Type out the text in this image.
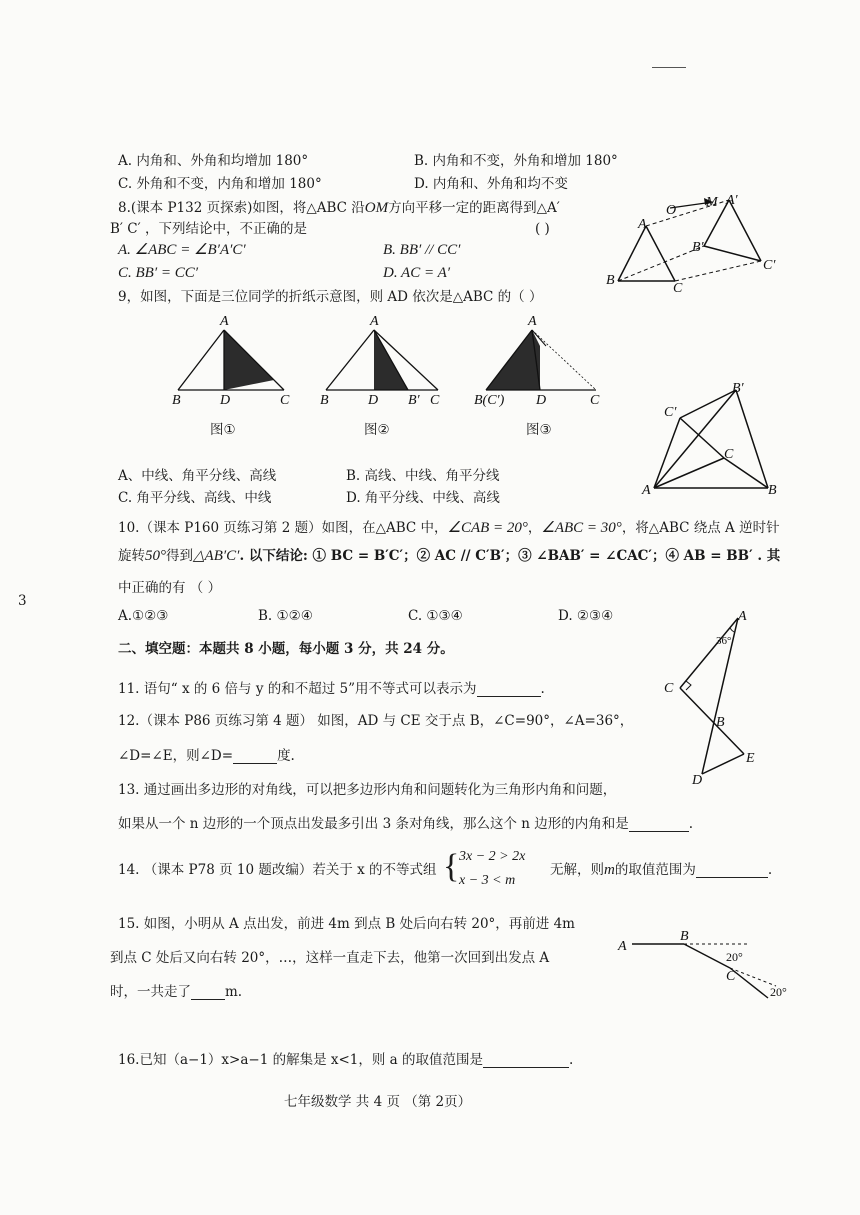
A. 内角和、外角和均增加 180°	B. 内角和不变，外角和增加 180°
C. 外角和不变，内角和增加 180°	D. 内角和、外角和均不变
8.(课本 P132 页探索)如图，将△ABC 沿OM方向平移一定的距离得到△A′
B′ C′ ，下列结论中，不正确的是	( )
A. ∠ABC = ∠B′A′C′	B. BB′ // CC′
C. BB′ = CC′	D. AC = A′
O
M A′
A
B′
C′
B
C
9，如图，下面是三位同学的折纸示意图，则 AD 依次是△ABC 的（ ）
A
B	D	C
A
B	D B′ C
A
B(C′) D	C
图①	图②	图③
A、中线、角平分线、高线	B. 高线、中线、角平分线
C. 角平分线、高线、中线	D. 角平分线、中线、高线	A	B
C
B′
C′
10.（课本 P160 页练习第 2 题）如图，在△ABC 中，∠CAB = 20°，∠ABC = 30°，将△ABC 绕点 A 逆时针
旋转50°得到△AB′C′. 以下结论: ① BC = B′C′；② AC // C′B′；③ ∠BAB′ = ∠CAC′；④ AB = BB′ . 其
中正确的有 （ ）
3
A.①②③	B. ①②④	C. ①③④	D. ②③④
二、填空题：本题共 8 小题，每小题 3 分，共 24 分。
A
36°
C
B
E
D
11. 语句“ x 的 6 倍与 y 的和不超过 5”用不等式可以表示为	.
12.（课本 P86 页练习第 4 题） 如图，AD 与 CE 交于点 B，∠C=90°，∠A=36°，
∠D=∠E，则∠D=	度.
13. 通过画出多边形的对角线，可以把多边形内角和问题转化为三角形内角和问题，
如果从一个 n 边形的一个顶点出发最多引出 3 条对角线，那么这个 n 边形的内角和是	.
14. （课本 P78 页 10 题改编）若关于 x 的不等式组 { 3x − 2 > 2x
x − 3 < m
无解，则m的取值范围为	.
15. 如图，小明从 A 点出发，前进 4m 到点 B 处后向右转 20°，再前进 4m
到点 C 处后又向右转 20°，…，这样一直走下去，他第一次回到出发点 A
时，一共走了	m.
A
B
C
20°
20°
16.已知（a−1）x>a−1 的解集是 x<1，则 a 的取值范围是	.
七年级数学 共 4 页 （第 2页）
